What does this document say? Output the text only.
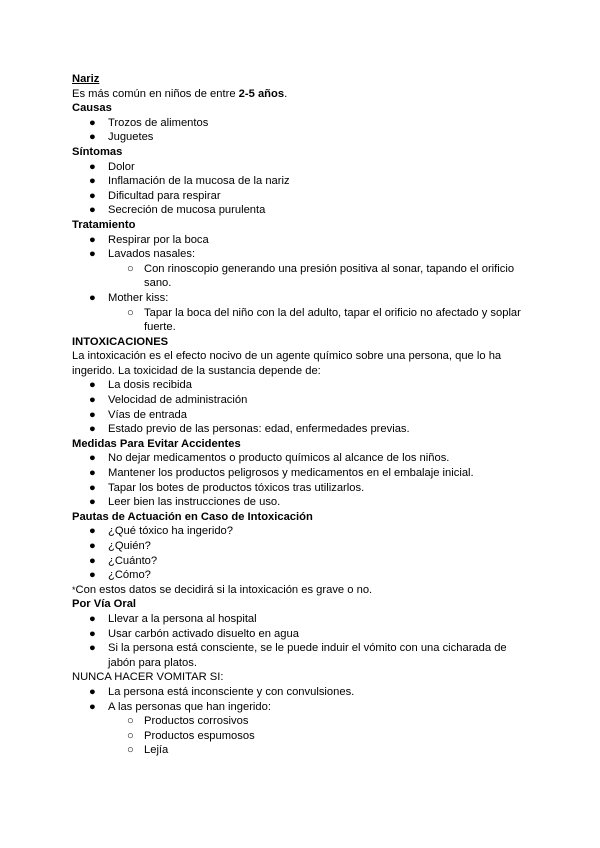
Nariz

Es más común en niños de entre 2-5 años.

Causas

●	Trozos de alimentos
●	Juguetes

Síntomas

●	Dolor
●	Inflamación de la mucosa de la nariz
●	Dificultad para respirar
●	Secreción de mucosa purulenta

Tratamiento

●	Respirar por la boca
●	Lavados nasales:
○ Con rinoscopio generando una presión positiva al sonar, tapando el orificio sano.
●	Mother kiss:
○ Tapar la boca del niño con la del adulto, tapar el orificio no afectado y soplar fuerte.

INTOXICACIONES

La intoxicación es el efecto nocivo de un agente químico sobre una persona, que lo ha ingerido. La toxicidad de la sustancia depende de:

●	La dosis recibida
●	Velocidad de administración
●	Vías de entrada
●	Estado previo de las personas: edad, enfermedades previas.

Medidas Para Evitar Accidentes

●	No dejar medicamentos o producto químicos al alcance de los niños.
●	Mantener los productos peligrosos y medicamentos en el embalaje inicial.
●	Tapar los botes de productos tóxicos tras utilizarlos.
●	Leer bien las instrucciones de uso.

Pautas de Actuación en Caso de Intoxicación

●	¿Qué tóxico ha ingerido?
●	¿Quién?
●	¿Cuánto?
●	¿Cómo?

*Con estos datos se decidirá si la intoxicación es grave o no.

Por Vía Oral

●	Llevar a la persona al hospital
●	Usar carbón activado disuelto en agua
●	Si la persona está consciente, se le puede induir el vómito con una cicharada de jabón para platos.

NUNCA HACER VOMITAR SI:

●	La persona está inconsciente y con convulsiones.
●	A las personas que han ingerido:
○ Productos corrosivos
○ Productos espumosos
○ Lejía
